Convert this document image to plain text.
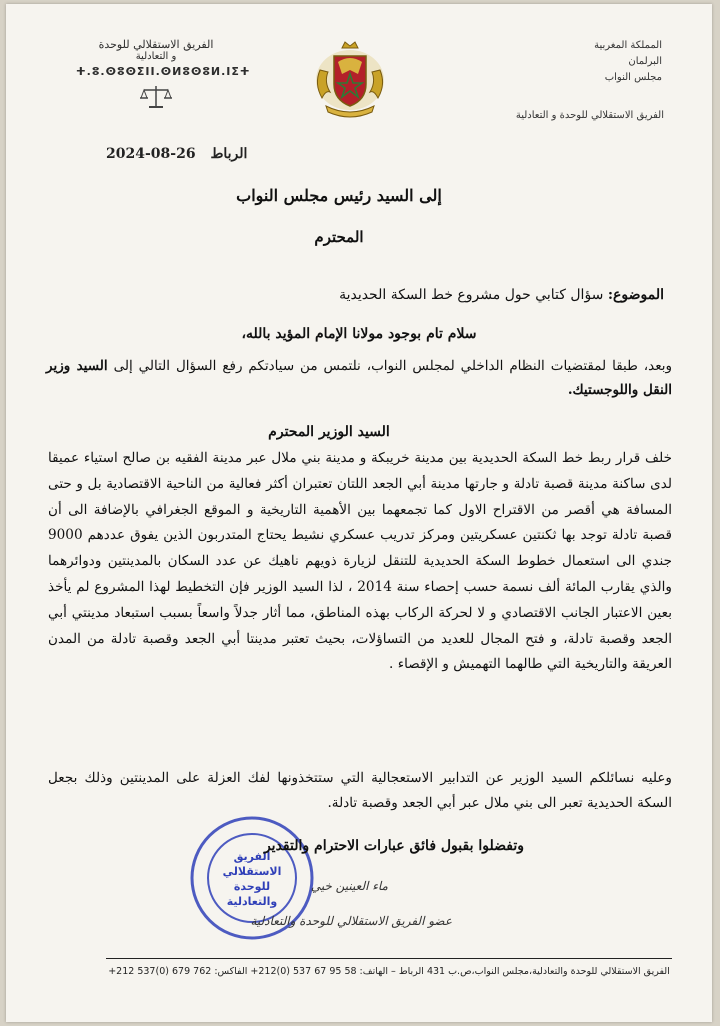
الفريق الاستقلالي للوحدة
و التعادلية
ⵜ.ⵓ.ⵙⵓⵙⵉⵏⵏ.ⵙⵍⵓⵙⵓⵍ.ⵏⵉⵜ
المملكة المغربية
البرلمان
مجلس النواب
الفريق الاستقلالي للوحدة و التعادلية
الرباط 26-08-2024
إلى السيد رئيس مجلس النواب
المحترم
الموضوع: سؤال كتابي حول مشروع خط السكة الحديدية
سلام تام بوجود مولانا الإمام المؤيد بالله،
وبعد، طبقا لمقتضيات النظام الداخلي لمجلس النواب، نلتمس من سيادتكم رفع السؤال التالي إلى السيد وزير النقل واللوجستيك.
السيد الوزير المحترم
خلف قرار ربط خط السكة الحديدية بين مدينة خريبكة و مدينة بني ملال عبر مدينة الفقيه بن صالح استياء عميقا لدى ساكنة مدينة قصبة تادلة و جارتها مدينة أبي الجعد اللتان تعتبران أكثر فعالية من الناحية الاقتصادية بل و حتى المسافة هي أقصر من الاقتراح الاول كما تجمعهما بين الأهمية التاريخية و الموقع الجغرافي بالإضافة الى أن قصبة تادلة توجد بها ثكنتين عسكريتين ومركز تدريب عسكري نشيط يحتاج المتدربون الذين يفوق عددهم 9000 جندي الى استعمال خطوط السكة الحديدية للتنقل لزيارة ذويهم ناهيك عن عدد السكان بالمدينتين ودوائرهما والذي يقارب المائة ألف نسمة حسب إحصاء سنة 2014 ، لذا السيد الوزير فإن التخطيط لهذا المشروع لم يأخذ بعين الاعتبار الجانب الاقتصادي و لا لحركة الركاب بهذه المناطق، مما أثار جدلاً واسعاً بسبب استبعاد مدينتي أبي الجعد وقصبة تادلة، و فتح المجال للعديد من التساؤلات، بحيث تعتبر مدينتا أبي الجعد وقصبة تادلة من المدن العريقة والتاريخية التي طالهما التهميش و الإقصاء .
وعليه نسائلكم السيد الوزير عن التدابير الاستعجالية التي ستتخذونها لفك العزلة على المدينتين وذلك بجعل السكة الحديدية تعبر الى بني ملال عبر أبي الجعد وقصبة تادلة.
الفريق
الاستقلالي
للوحدة
والتعادلية
وتفضلوا بقبول فائق عبارات الاحترام والتقدير
ماء العينين خيي
عضو الفريق الاستقلالي للوحدة والتعادلية
الفريق الاستقلالي للوحدة والتعادلية،مجلس النواب،ص.ب 431 الرباط – الهاتف: 58 95 67 537 (0)212+ الفاكس: 762 679 (0)537 212+
